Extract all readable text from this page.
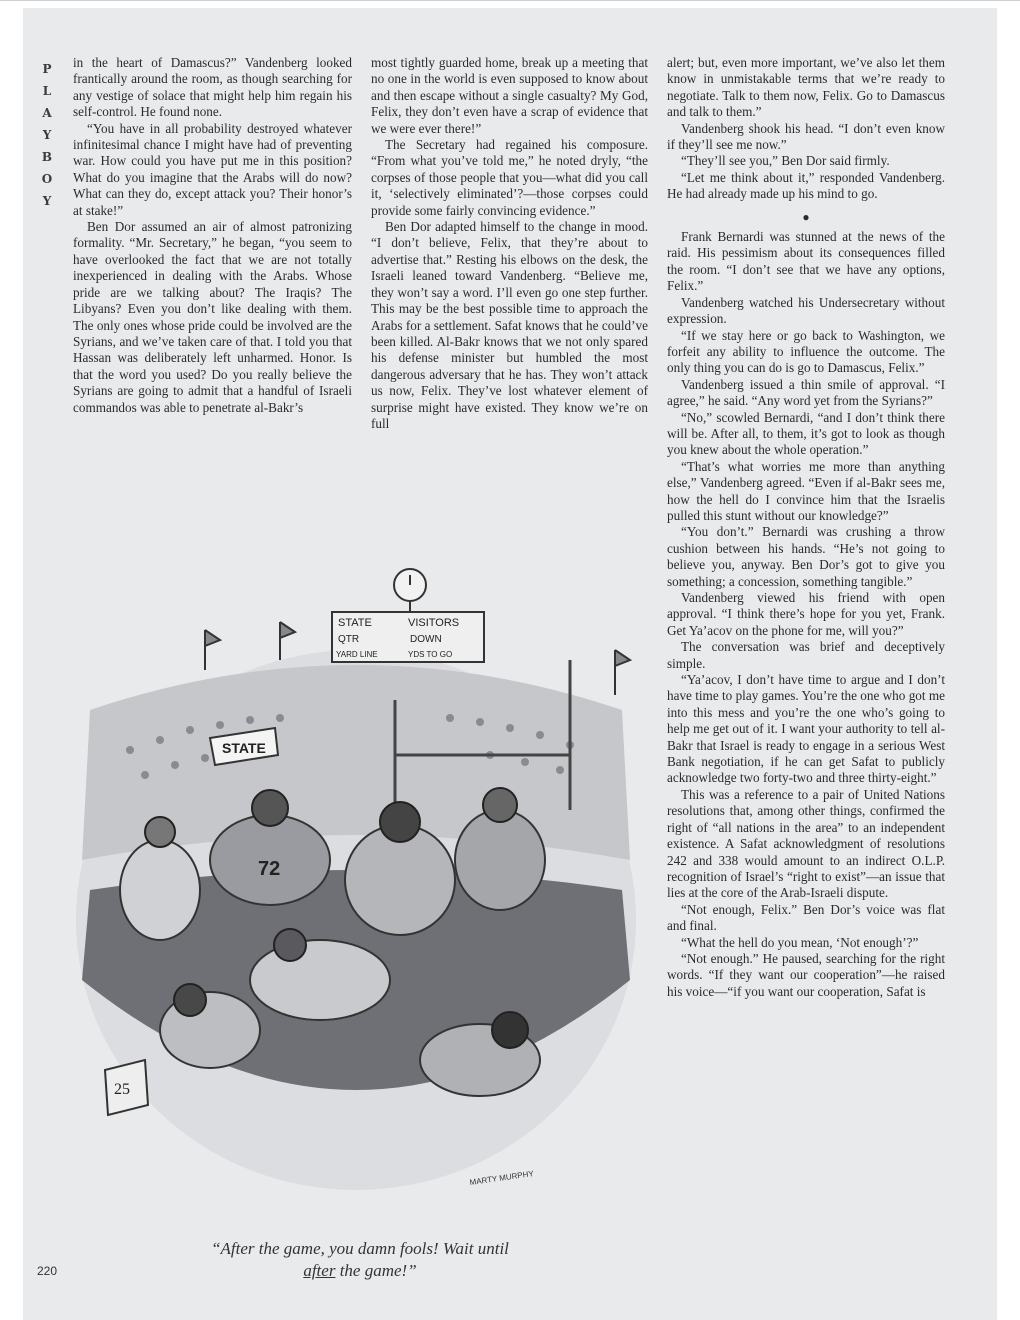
P
L
A
Y
B
O
Y

in the heart of Damascus?” Vandenberg looked frantically around the room, as though searching for any vestige of solace that might help him regain his self-control. He found none.

“You have in all probability destroyed whatever infinitesimal chance I might have had of preventing war. How could you have put me in this position? What do you imagine that the Arabs will do now? What can they do, except attack you? Their honor’s at stake!”

Ben Dor assumed an air of almost patronizing formality. “Mr. Secretary,” he began, “you seem to have overlooked the fact that we are not totally inexperienced in dealing with the Arabs. Whose pride are we talking about? The Iraqis? The Libyans? Even you don’t like dealing with them. The only ones whose pride could be involved are the Syrians, and we’ve taken care of that. I told you that Hassan was deliberately left unharmed. Honor. Is that the word you used? Do you really believe the Syrians are going to admit that a handful of Israeli commandos was able to penetrate al-Bakr’s

most tightly guarded home, break up a meeting that no one in the world is even supposed to know about and then escape without a single casualty? My God, Felix, they don’t even have a scrap of evidence that we were ever there!”

The Secretary had regained his composure. “From what you’ve told me,” he noted dryly, “the corpses of those people that you—what did you call it, ‘selectively eliminated’?—those corpses could provide some fairly convincing evidence.”

Ben Dor adapted himself to the change in mood. “I don’t believe, Felix, that they’re about to advertise that.” Resting his elbows on the desk, the Israeli leaned toward Vandenberg. “Believe me, they won’t say a word. I’ll even go one step further. This may be the best possible time to approach the Arabs for a settlement. Safat knows that he could’ve been killed. Al-Bakr knows that we not only spared his defense minister but humbled the most dangerous adversary that he has. They won’t attack us now, Felix. They’ve lost whatever element of surprise might have existed. They know we’re on full

alert; but, even more important, we’ve also let them know in unmistakable terms that we’re ready to negotiate. Talk to them now, Felix. Go to Damascus and talk to them.”

Vandenberg shook his head. “I don’t even know if they’ll see me now.”

“They’ll see you,” Ben Dor said firmly.

“Let me think about it,” responded Vandenberg. He had already made up his mind to go.

●

Frank Bernardi was stunned at the news of the raid. His pessimism about its consequences filled the room. “I don’t see that we have any options, Felix.”

Vandenberg watched his Undersecretary without expression.

“If we stay here or go back to Washington, we forfeit any ability to influence the outcome. The only thing you can do is go to Damascus, Felix.”

Vandenberg issued a thin smile of approval. “I agree,” he said. “Any word yet from the Syrians?”

“No,” scowled Bernardi, “and I don’t think there will be. After all, to them, it’s got to look as though you knew about the whole operation.”

“That’s what worries me more than anything else,” Vandenberg agreed. “Even if al-Bakr sees me, how the hell do I convince him that the Israelis pulled this stunt without our knowledge?”

“You don’t.” Bernardi was crushing a throw cushion between his hands. “He’s not going to believe you, anyway. Ben Dor’s got to give you something; a concession, something tangible.”

Vandenberg viewed his friend with open approval. “I think there’s hope for you yet, Frank. Get Ya’acov on the phone for me, will you?”

The conversation was brief and deceptively simple.

“Ya’acov, I don’t have time to argue and I don’t have time to play games. You’re the one who got me into this mess and you’re the one who’s going to help me get out of it. I want your authority to tell al-Bakr that Israel is ready to engage in a serious West Bank negotiation, if he can get Safat to publicly acknowledge two forty-two and three thirty-eight.”

This was a reference to a pair of United Nations resolutions that, among other things, confirmed the right of “all nations in the area” to an independent existence. A Safat acknowledgment of resolutions 242 and 338 would amount to an indirect O.L.P. recognition of Israel’s “right to exist”—an issue that lies at the core of the Arab-Israeli dispute.

“Not enough, Felix.” Ben Dor’s voice was flat and final.

“What the hell do you mean, ‘Not enough’?”

“Not enough.” He paused, searching for the right words. “If they want our cooperation”—he raised his voice—“if you want our cooperation, Safat is

STATE	VISITORS
QTR	DOWN
YARD LINE	YDS TO GO
STATE
72
25
MARTY MURPHY
“After the game, you damn fools! Wait until
after the game!”
220
